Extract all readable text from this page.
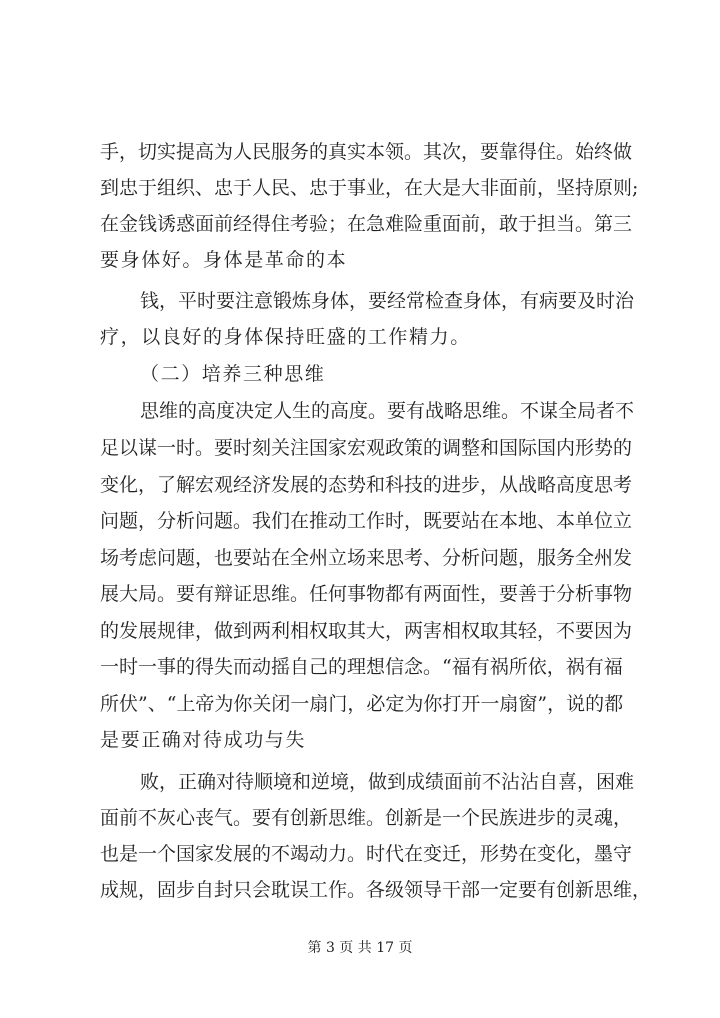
手，切实提高为人民服务的真实本领。其次，要靠得住。始终做
到忠于组织、忠于人民、忠于事业，在大是大非面前，坚持原则;
在金钱诱惑面前经得住考验；在急难险重面前，敢于担当。第三
要身体好。身体是革命的本
钱，平时要注意锻炼身体，要经常检查身体，有病要及时治
疗，以良好的身体保持旺盛的工作精力。
（二）培养三种思维
思维的高度决定人生的高度。要有战略思维。不谋全局者不
足以谋一时。要时刻关注国家宏观政策的调整和国际国内形势的
变化，了解宏观经济发展的态势和科技的进步，从战略高度思考
问题，分析问题。我们在推动工作时，既要站在本地、本单位立
场考虑问题，也要站在全州立场来思考、分析问题，服务全州发
展大局。要有辩证思维。任何事物都有两面性，要善于分析事物
的发展规律，做到两利相权取其大，两害相权取其轻，不要因为
一时一事的得失而动摇自己的理想信念。“福有祸所依，祸有福
所伏”、“上帝为你关闭一扇门，必定为你打开一扇窗”，说的都
是要正确对待成功与失
败，正确对待顺境和逆境，做到成绩面前不沾沾自喜，困难
面前不灰心丧气。要有创新思维。创新是一个民族进步的灵魂，
也是一个国家发展的不竭动力。时代在变迁，形势在变化，墨守
成规，固步自封只会耽误工作。各级领导干部一定要有创新思维，
第 3 页 共 17 页
